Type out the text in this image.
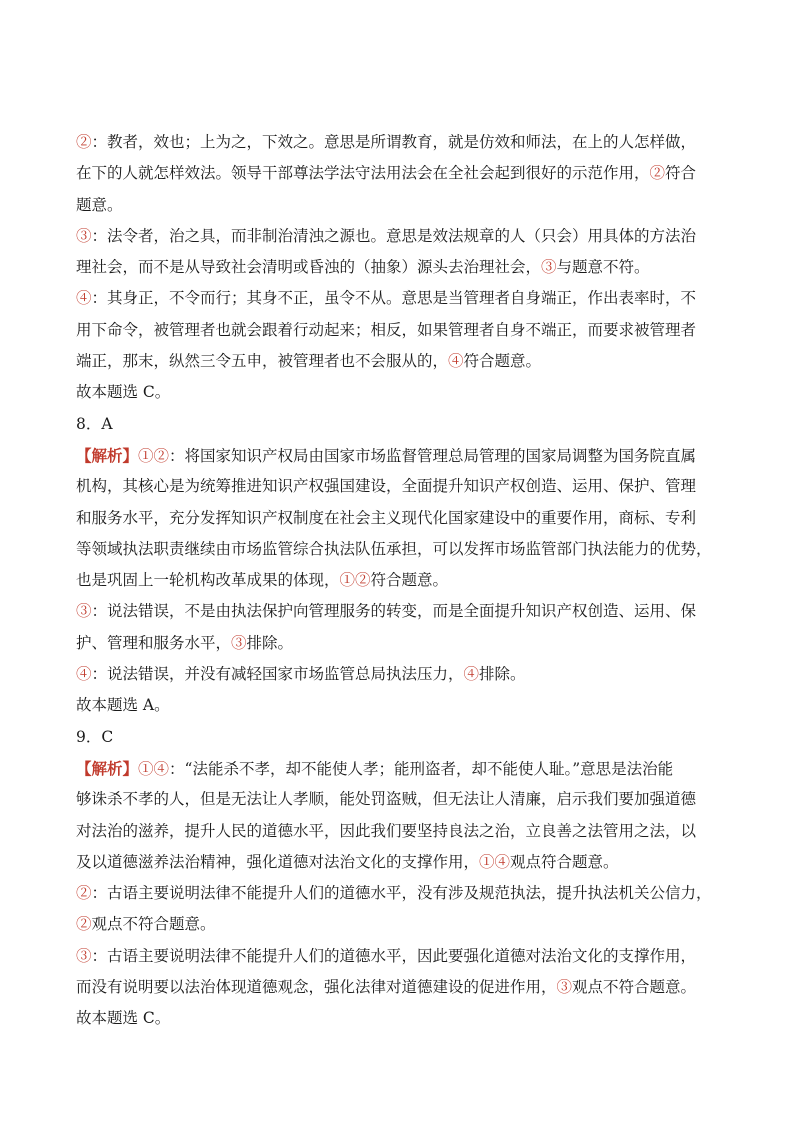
②：教者，效也；上为之，下效之。意思是所谓教育，就是仿效和师法，在上的人怎样做，
在下的人就怎样效法。领导干部尊法学法守法用法会在全社会起到很好的示范作用，②符合
题意。
③：法令者，治之具，而非制治清浊之源也。意思是效法规章的人（只会）用具体的方法治
理社会，而不是从导致社会清明或昏浊的（抽象）源头去治理社会，③与题意不符。
④：其身正，不令而行；其身不正，虽令不从。意思是当管理者自身端正，作出表率时，不
用下命令，被管理者也就会跟着行动起来；相反，如果管理者自身不端正，而要求被管理者
端正，那末，纵然三令五申，被管理者也不会服从的，④符合题意。
故本题选 C。
8．A
【解析】①②：将国家知识产权局由国家市场监督管理总局管理的国家局调整为国务院直属
机构，其核心是为统筹推进知识产权强国建设，全面提升知识产权创造、运用、保护、管理
和服务水平，充分发挥知识产权制度在社会主义现代化国家建设中的重要作用，商标、专利
等领域执法职责继续由市场监管综合执法队伍承担，可以发挥市场监管部门执法能力的优势，
也是巩固上一轮机构改革成果的体现，①②符合题意。
③：说法错误，不是由执法保护向管理服务的转变，而是全面提升知识产权创造、运用、保
护、管理和服务水平，③排除。
④：说法错误，并没有减轻国家市场监管总局执法压力，④排除。
故本题选 A。
9．C
【解析】①④：“法能杀不孝，却不能使人孝；能刑盗者，却不能使人耻。”意思是法治能
够诛杀不孝的人，但是无法让人孝顺，能处罚盗贼，但无法让人清廉，启示我们要加强道德
对法治的滋养，提升人民的道德水平，因此我们要坚持良法之治，立良善之法管用之法，以
及以道德滋养法治精神，强化道德对法治文化的支撑作用，①④观点符合题意。
②：古语主要说明法律不能提升人们的道德水平，没有涉及规范执法，提升执法机关公信力，
②观点不符合题意。
③：古语主要说明法律不能提升人们的道德水平，因此要强化道德对法治文化的支撑作用，
而没有说明要以法治体现道德观念，强化法律对道德建设的促进作用，③观点不符合题意。
故本题选 C。
